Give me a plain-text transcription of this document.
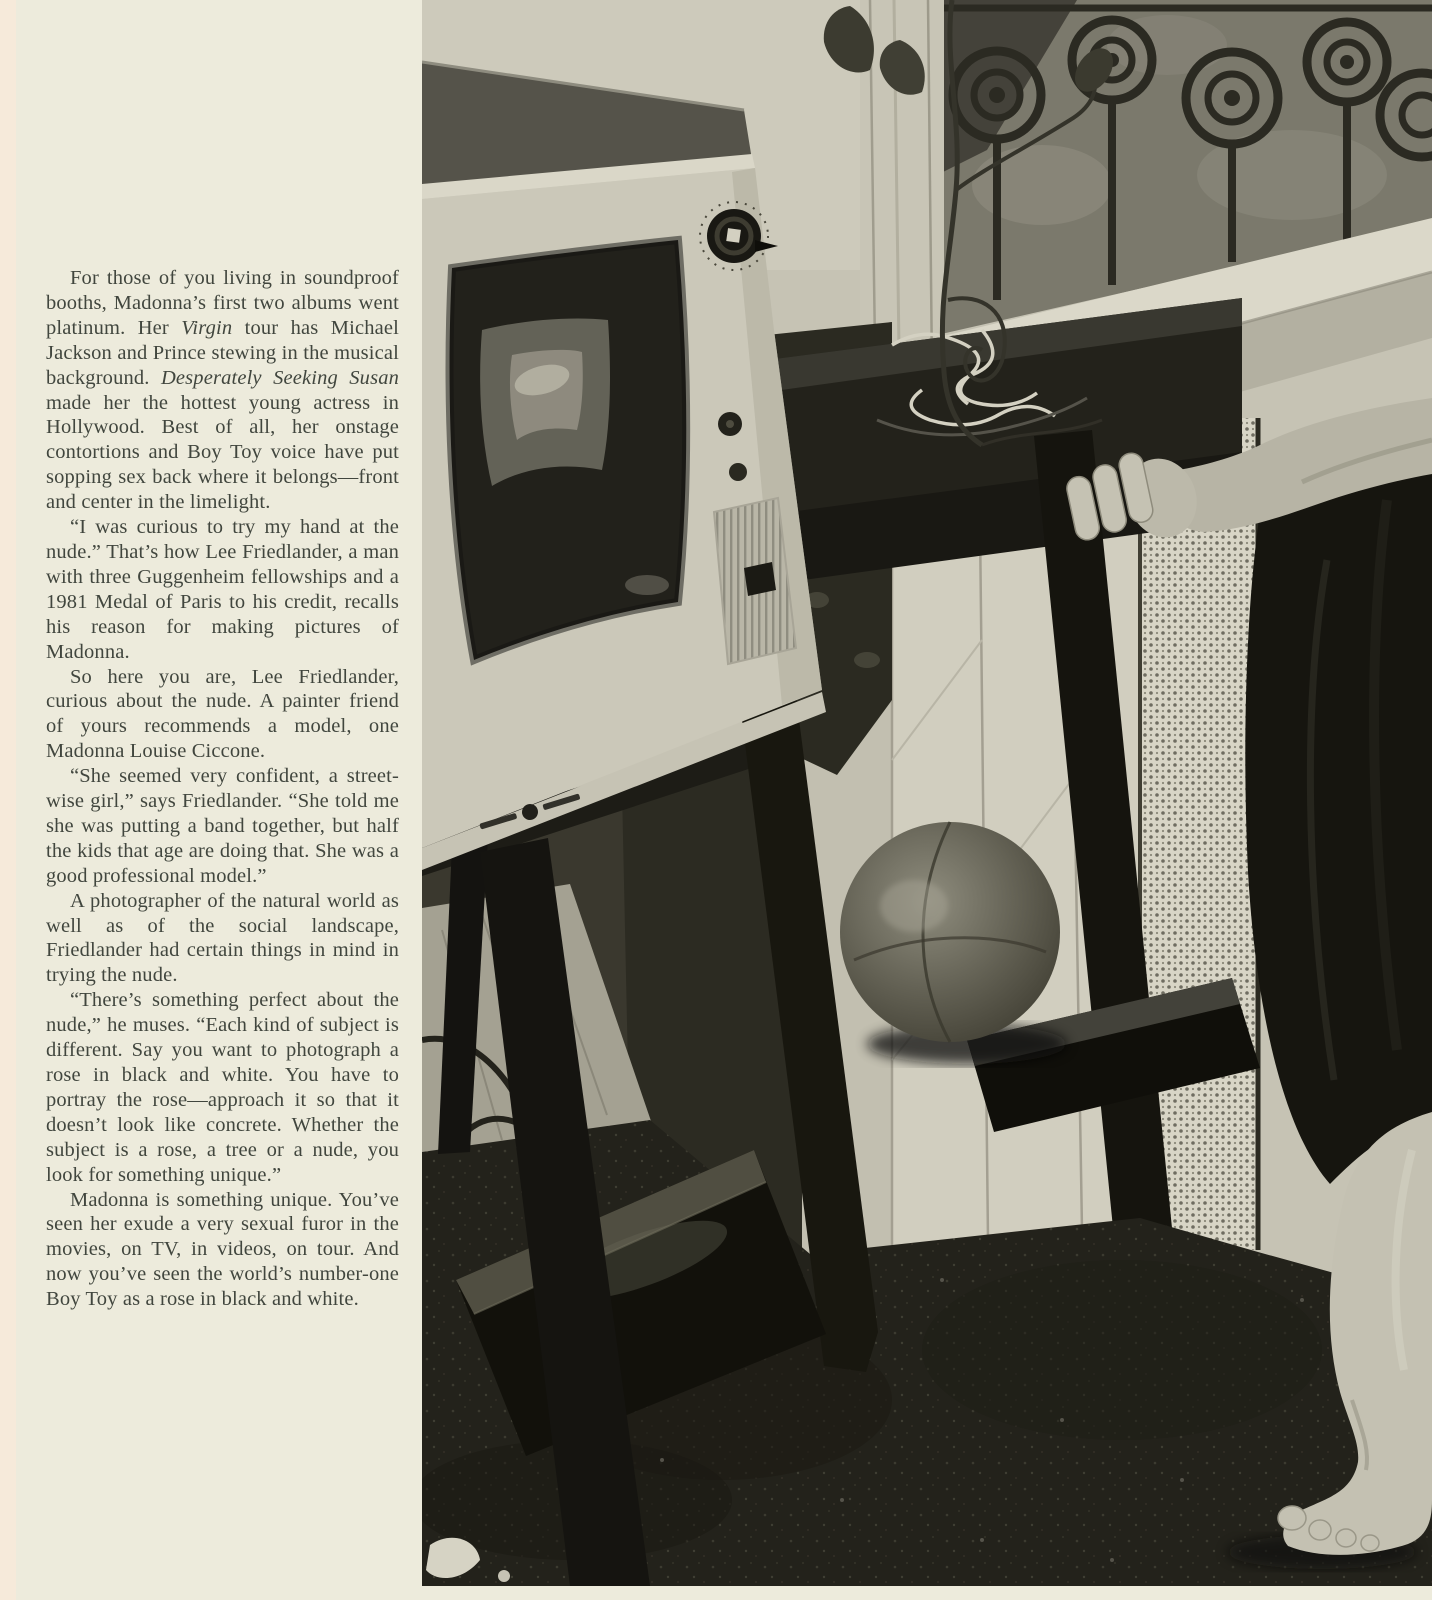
For those of you living in soundproof booths, Madonna’s first two albums went platinum. Her Virgin tour has Michael Jackson and Prince stewing in the musical background. Desperately Seeking Susan made her the hottest young actress in Hollywood. Best of all, her onstage contortions and Boy Toy voice have put sopping sex back where it belongs—front and center in the limelight.

“I was curious to try my hand at the nude.” That’s how Lee Friedlander, a man with three Guggenheim fellowships and a 1981 Medal of Paris to his credit, recalls his reason for making pictures of Madonna.

So here you are, Lee Friedlander, curious about the nude. A painter friend of yours recommends a model, one Madonna Louise Ciccone.

“She seemed very confident, a street-wise girl,” says Friedlander. “She told me she was putting a band together, but half the kids that age are doing that. She was a good professional model.”

A photographer of the natural world as well as of the social landscape, Friedlander had certain things in mind in trying the nude.

“There’s something perfect about the nude,” he muses. “Each kind of subject is different. Say you want to photograph a rose in black and white. You have to portray the rose—approach it so that it doesn’t look like concrete. Whether the subject is a rose, a tree or a nude, you look for something unique.”

Madonna is something unique. You’ve seen her exude a very sexual furor in the movies, on TV, in videos, on tour. And now you’ve seen the world’s number-one Boy Toy as a rose in black and white.
